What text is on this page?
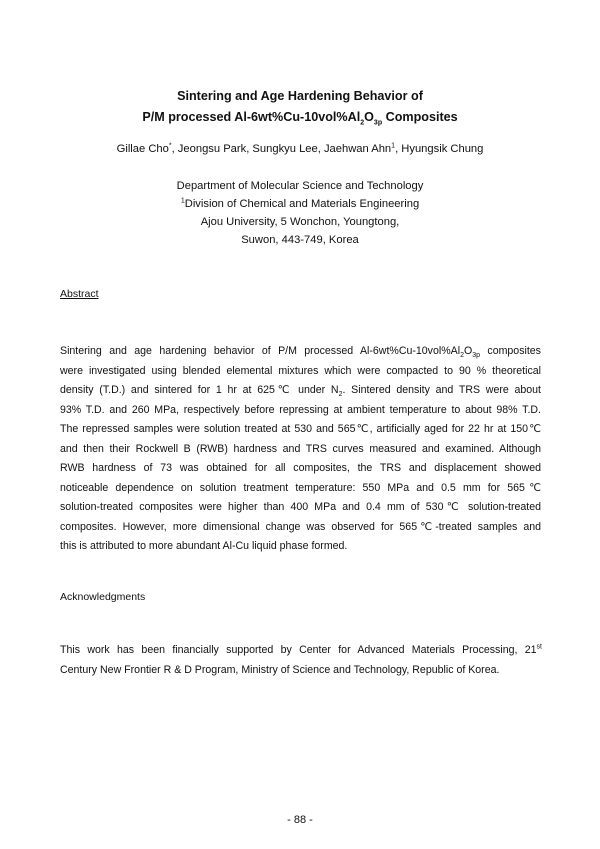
Sintering and Age Hardening Behavior of
P/M processed $Al-6wt\%Cu-10vol\%Al_2O_{3p}$ Composites
Gillae Cho*, Jeongsu Park, Sungkyu Lee, Jaehwan Ahn$^1$, Hyungsik Chung
Department of Molecular Science and Technology
$^1$Division of Chemical and Materials Engineering
Ajou University, 5 Wonchon, Youngtong,
Suwon, 443-749, Korea
Abstract
Sintering and age hardening behavior of P/M processed $Al-6wt\%Cu-10vol\%Al_2O_{3p}$ composites
were investigated using blended elemental mixtures which were compacted to 90 % theoretical
density (T.D.) and sintered for 1 hr at 625℃ under $N_2$. Sintered density and TRS were about
93% T.D. and 260 MPa, respectively before repressing at ambient temperature to about 98% T.D.
The repressed samples were solution treated at 530 and 565℃, artificially aged for 22 hr at 150℃
and then their Rockwell B (RWB) hardness and TRS curves measured and examined. Although
RWB hardness of 73 was obtained for all composites, the TRS and displacement showed
noticeable dependence on solution treatment temperature: 550 MPa and 0.5 mm for 565℃
solution-treated composites were higher than 400 MPa and 0.4 mm of 530℃ solution-treated
composites. However, more dimensional change was observed for 565℃-treated samples and
this is attributed to more abundant Al-Cu liquid phase formed.
Acknowledgments
This work has been financially supported by Center for Advanced Materials Processing, 21st
Century New Frontier R & D Program, Ministry of Science and Technology, Republic of Korea.
- 88 -
